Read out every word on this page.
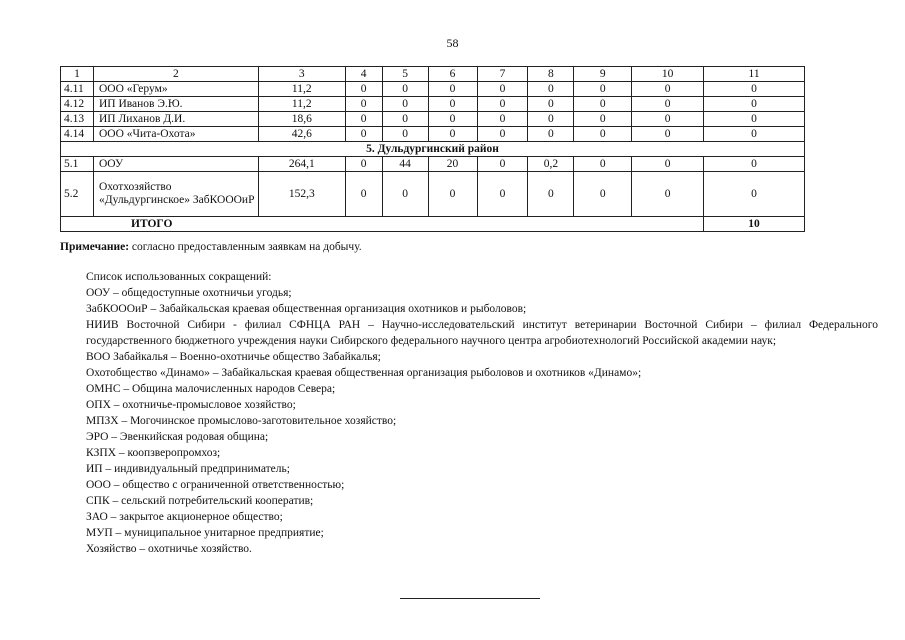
58
1	2	3	4	5	6	7	8	9	10	11
4.11	ООО «Герум»	11,2	0	0	0	0	0	0	0	0
4.12	ИП Иванов Э.Ю.	11,2	0	0	0	0	0	0	0	0
4.13	ИП Лиханов Д.И.	18,6	0	0	0	0	0	0	0	0
4.14	ООО «Чита-Охота»	42,6	0	0	0	0	0	0	0	0
5. Дульдургинский район										
5.1	ООУ	264,1	0	44	20	0	0,2	0	0	0
5.2	Охотхозяйство «Дульдургинское» ЗабКОООиР	152,3	0	0	0	0	0	0	0	0
ИТОГО										10
Примечание: согласно предоставленным заявкам на добычу.

Список использованных сокращений:

ООУ – общедоступные охотничьи угодья;

ЗабКОООиР – Забайкальская краевая общественная организация охотников и рыболовов;

НИИВ Восточной Сибири - филиал СФНЦА РАН – Научно-исследовательский институт ветеринарии Восточной Сибири – филиал Федерального государственного бюджетного учреждения науки Сибирского федерального научного центра агробиотехнологий Российской академии наук;

ВОО Забайкалья – Военно-охотничье общество Забайкалья;

Охотобщество «Динамо» – Забайкальская краевая общественная организация рыболовов и охотников «Динамо»;

ОМНС – Община малочисленных народов Севера;

ОПХ – охотничье-промысловое хозяйство;

МПЗХ – Могочинское промыслово-заготовительное хозяйство;

ЭРО – Эвенкийская родовая община;

КЗПХ – коопзверопромхоз;

ИП – индивидуальный предприниматель;

ООО – общество с ограниченной ответственностью;

СПК – сельский потребительский кооператив;

ЗАО – закрытое акционерное общество;

МУП – муниципальное унитарное предприятие;

Хозяйство – охотничье хозяйство.
